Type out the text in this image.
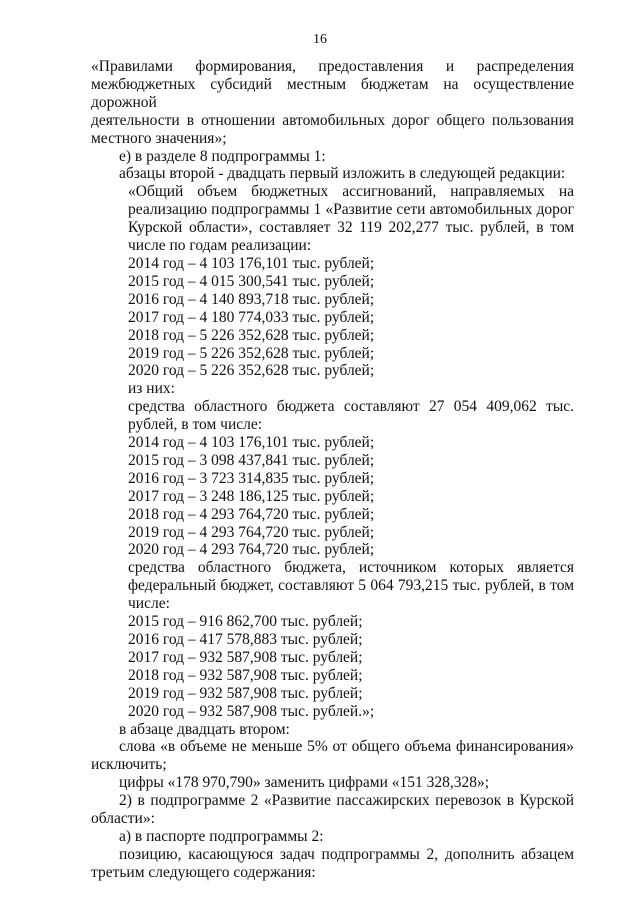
16

«Правилами формирования, предоставления и распределения

межбюджетных субсидий местным бюджетам на осуществление дорожной

деятельности в отношении автомобильных дорог общего пользования

местного значения»;

е) в разделе 8 подпрограммы 1:

абзацы второй - двадцать первый изложить в следующей редакции:

«Общий объем бюджетных ассигнований, направляемых на

реализацию подпрограммы 1 «Развитие сети автомобильных дорог

Курской области», составляет 32 119 202,277 тыс. рублей, в том

числе по годам реализации:

2014 год – 4 103 176,101 тыс. рублей;

2015 год – 4 015 300,541 тыс. рублей;

2016 год – 4 140 893,718 тыс. рублей;

2017 год – 4 180 774,033 тыс. рублей;

2018 год – 5 226 352,628 тыс. рублей;

2019 год – 5 226 352,628 тыс. рублей;

2020 год – 5 226 352,628 тыс. рублей;

из них:

средства областного бюджета составляют 27 054 409,062 тыс.

рублей, в том числе:

2014 год – 4 103 176,101 тыс. рублей;

2015 год – 3 098 437,841 тыс. рублей;

2016 год – 3 723 314,835 тыс. рублей;

2017 год – 3 248 186,125 тыс. рублей;

2018 год – 4 293 764,720 тыс. рублей;

2019 год – 4 293 764,720 тыс. рублей;

2020 год – 4 293 764,720 тыс. рублей;

средства областного бюджета, источником которых является

федеральный бюджет, составляют 5 064 793,215 тыс. рублей, в том

числе:

2015 год – 916 862,700 тыс. рублей;

2016 год – 417 578,883 тыс. рублей;

2017 год – 932 587,908 тыс. рублей;

2018 год – 932 587,908 тыс. рублей;

2019 год – 932 587,908 тыс. рублей;

2020 год – 932 587,908 тыс. рублей.»;

в абзаце двадцать втором:

слова «в объеме не меньше 5% от общего объема финансирования»

исключить;

цифры «178 970,790» заменить цифрами «151 328,328»;

2) в подпрограмме 2 «Развитие пассажирских перевозок в Курской

области»:

а) в паспорте подпрограммы 2:

позицию, касающуюся задач подпрограммы 2, дополнить абзацем

третьим следующего содержания:
